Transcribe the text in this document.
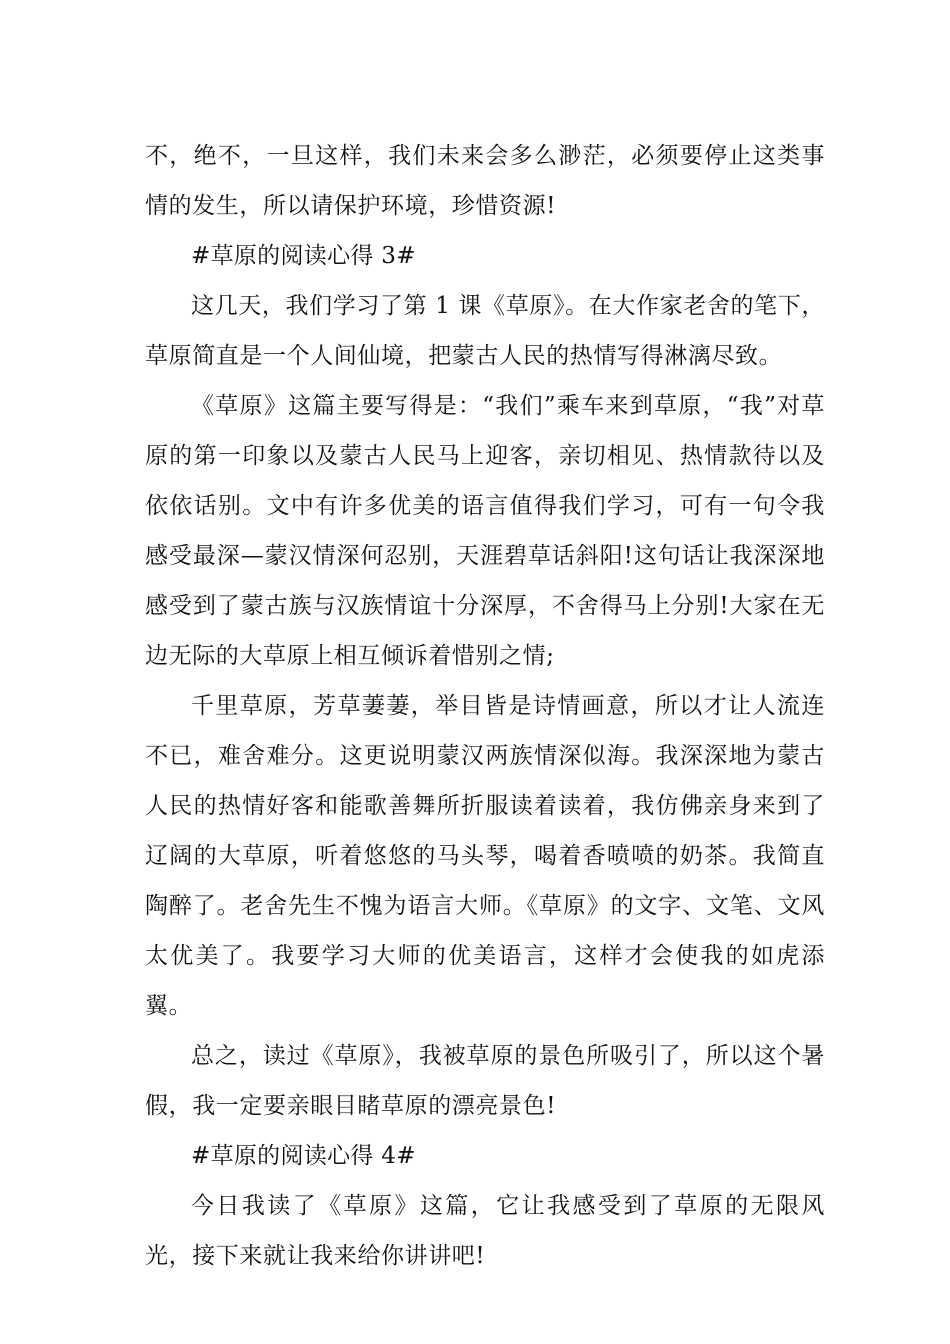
不，绝不，一旦这样，我们未来会多么渺茫，必须要停止这类事情的发生，所以请保护环境，珍惜资源!

#草原的阅读心得 3#

这几天，我们学习了第 1 课《草原》。在大作家老舍的笔下，草原简直是一个人间仙境，把蒙古人民的热情写得淋漓尽致。

《草原》这篇主要写得是：“我们”乘车来到草原，“我”对草原的第一印象以及蒙古人民马上迎客，亲切相见、热情款待以及依依话别。文中有许多优美的语言值得我们学习，可有一句令我感受最深—蒙汉情深何忍别，天涯碧草话斜阳!这句话让我深深地感受到了蒙古族与汉族情谊十分深厚，不舍得马上分别!大家在无边无际的大草原上相互倾诉着惜别之情;

千里草原，芳草萋萋，举目皆是诗情画意，所以才让人流连不已，难舍难分。这更说明蒙汉两族情深似海。我深深地为蒙古人民的热情好客和能歌善舞所折服读着读着，我仿佛亲身来到了辽阔的大草原，听着悠悠的马头琴，喝着香喷喷的奶茶。我简直陶醉了。老舍先生不愧为语言大师。《草原》的文字、文笔、文风太优美了。我要学习大师的优美语言，这样才会使我的如虎添翼。

总之，读过《草原》，我被草原的景色所吸引了，所以这个暑假，我一定要亲眼目睹草原的漂亮景色!

#草原的阅读心得 4#

今日我读了《草原》这篇，它让我感受到了草原的无限风光，接下来就让我来给你讲讲吧!
